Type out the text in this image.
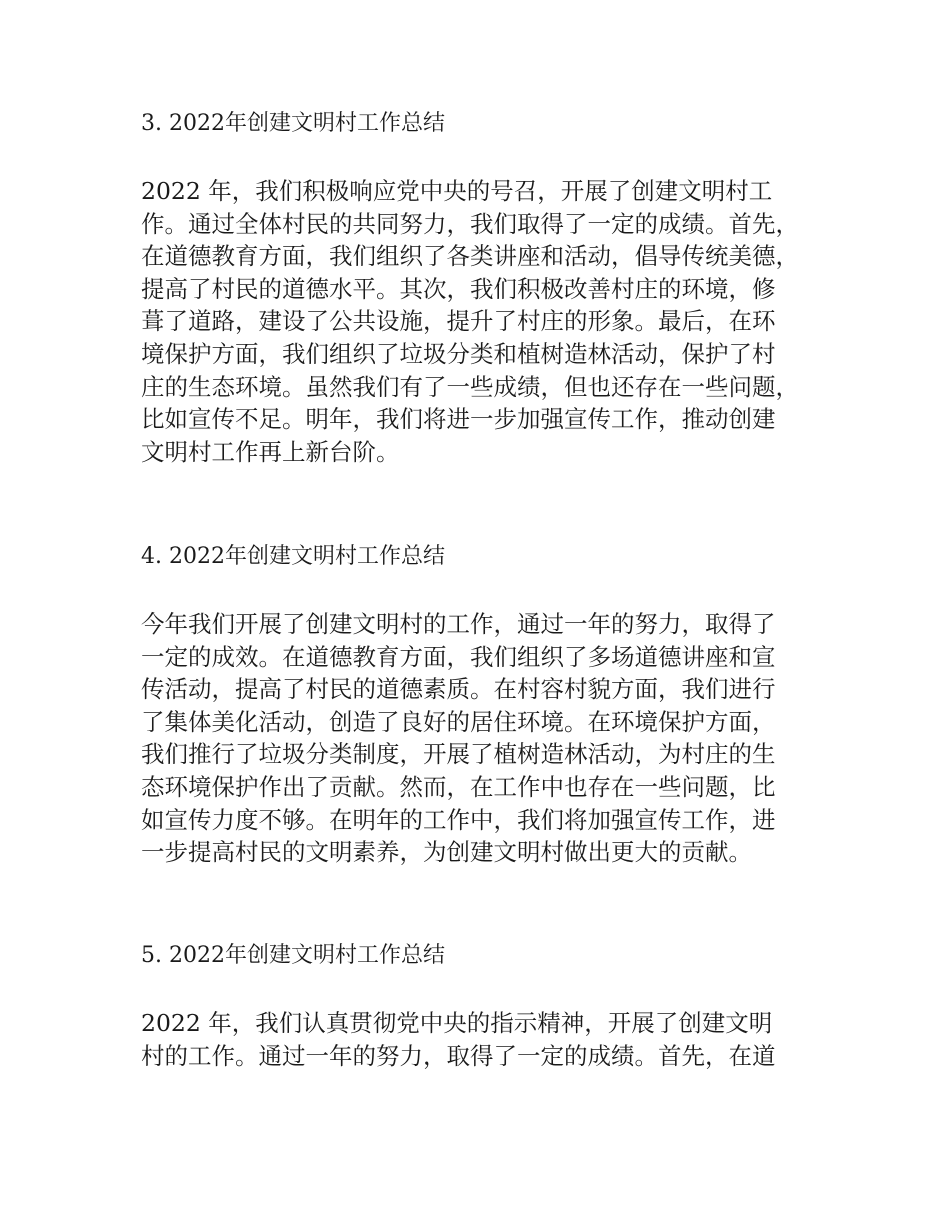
3. 2022年创建文明村工作总结
2022 年，我们积极响应党中央的号召，开展了创建文明村工
作。通过全体村民的共同努力，我们取得了一定的成绩。首先，
在道德教育方面，我们组织了各类讲座和活动，倡导传统美德，
提高了村民的道德水平。其次，我们积极改善村庄的环境，修
葺了道路，建设了公共设施，提升了村庄的形象。最后，在环
境保护方面，我们组织了垃圾分类和植树造林活动，保护了村
庄的生态环境。虽然我们有了一些成绩，但也还存在一些问题，
比如宣传不足。明年，我们将进一步加强宣传工作，推动创建
文明村工作再上新台阶。
4. 2022年创建文明村工作总结
今年我们开展了创建文明村的工作，通过一年的努力，取得了
一定的成效。在道德教育方面，我们组织了多场道德讲座和宣
传活动，提高了村民的道德素质。在村容村貌方面，我们进行
了集体美化活动，创造了良好的居住环境。在环境保护方面，
我们推行了垃圾分类制度，开展了植树造林活动，为村庄的生
态环境保护作出了贡献。然而，在工作中也存在一些问题，比
如宣传力度不够。在明年的工作中，我们将加强宣传工作，进
一步提高村民的文明素养，为创建文明村做出更大的贡献。
5. 2022年创建文明村工作总结
2022 年，我们认真贯彻党中央的指示精神，开展了创建文明
村的工作。通过一年的努力，取得了一定的成绩。首先，在道
